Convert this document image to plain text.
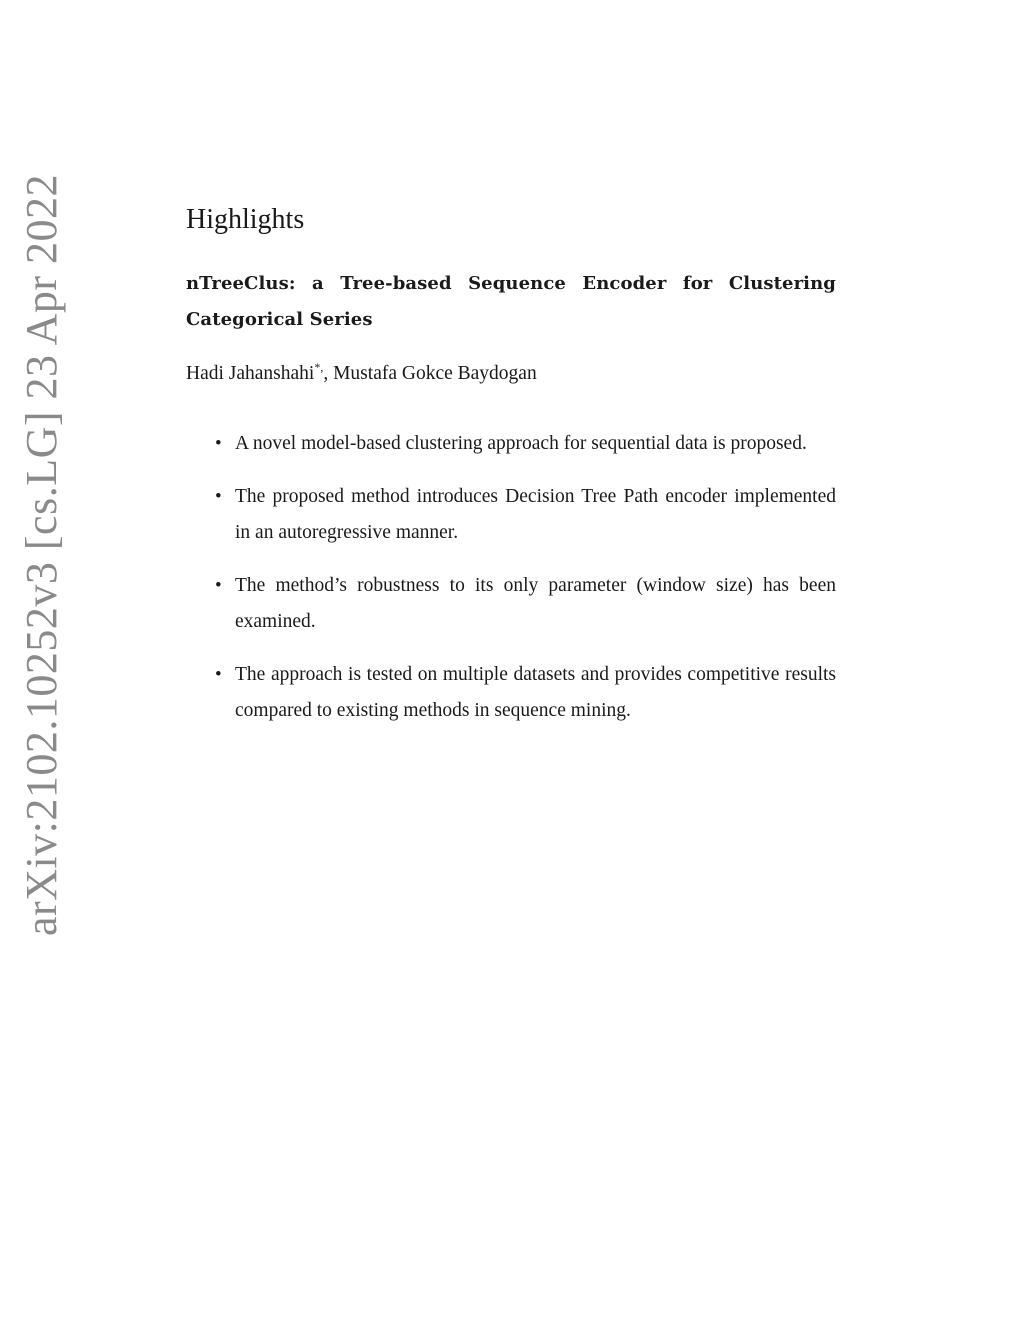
arXiv:2102.10252v3 [cs.LG] 23 Apr 2022	Highlights

nTreeClus: a Tree-based Sequence Encoder for Clustering Categorical Series

Hadi Jahanshahi*,, Mustafa Gokce Baydogan

• A novel model-based clustering approach for sequential data is proposed.
• The proposed method introduces Decision Tree Path encoder implemented in an autoregressive manner.
• The method’s robustness to its only parameter (window size) has been examined.
• The approach is tested on multiple datasets and provides competitive results compared to existing methods in sequence mining.
